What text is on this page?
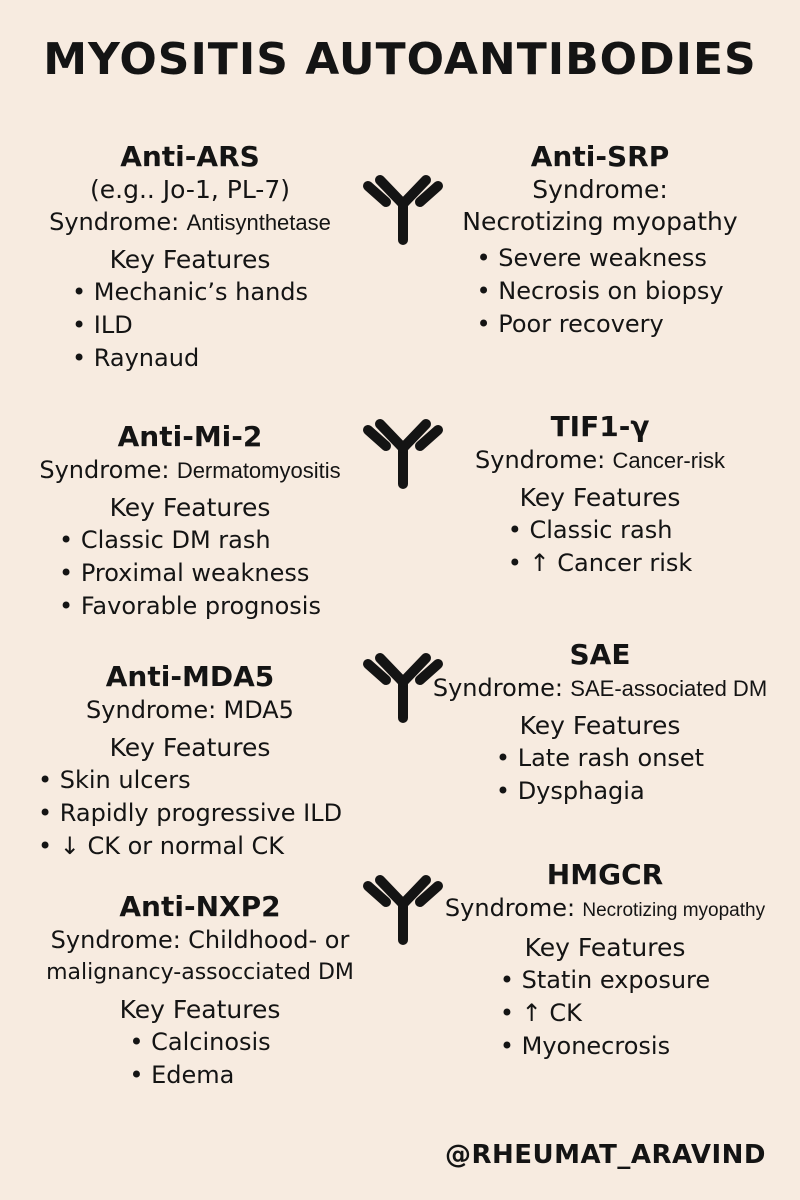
MYOSITIS AUTOANTIBODIES
Anti-ARS
(e.g.. Jo-1, PL-7)
Syndrome: Antisynthetase
Key Features
• Mechanic’s hands
• ILD
• Raynaud
Anti-SRP
Syndrome:
Necrotizing myopathy
• Severe weakness
• Necrosis on biopsy
• Poor recovery
Anti-Mi-2
Syndrome: Dermatomyositis
Key Features
• Classic DM rash
• Proximal weakness
• Favorable prognosis
TIF1-γ
Syndrome: Cancer-risk
Key Features
• Classic rash
• ↑ Cancer risk
Anti-MDA5
Syndrome: MDA5
Key Features
• Skin ulcers
• Rapidly progressive ILD
• ↓ CK or normal CK
SAE
Syndrome: SAE-associated DM
Key Features
• Late rash onset
• Dysphagia
Anti-NXP2
Syndrome: Childhood- or
malignancy-assocciated DM
Key Features
• Calcinosis
• Edema
HMGCR
Syndrome: Necrotizing myopathy
Key Features
• Statin exposure
• ↑ CK
• Myonecrosis
@RHEUMAT_ARAVIND
